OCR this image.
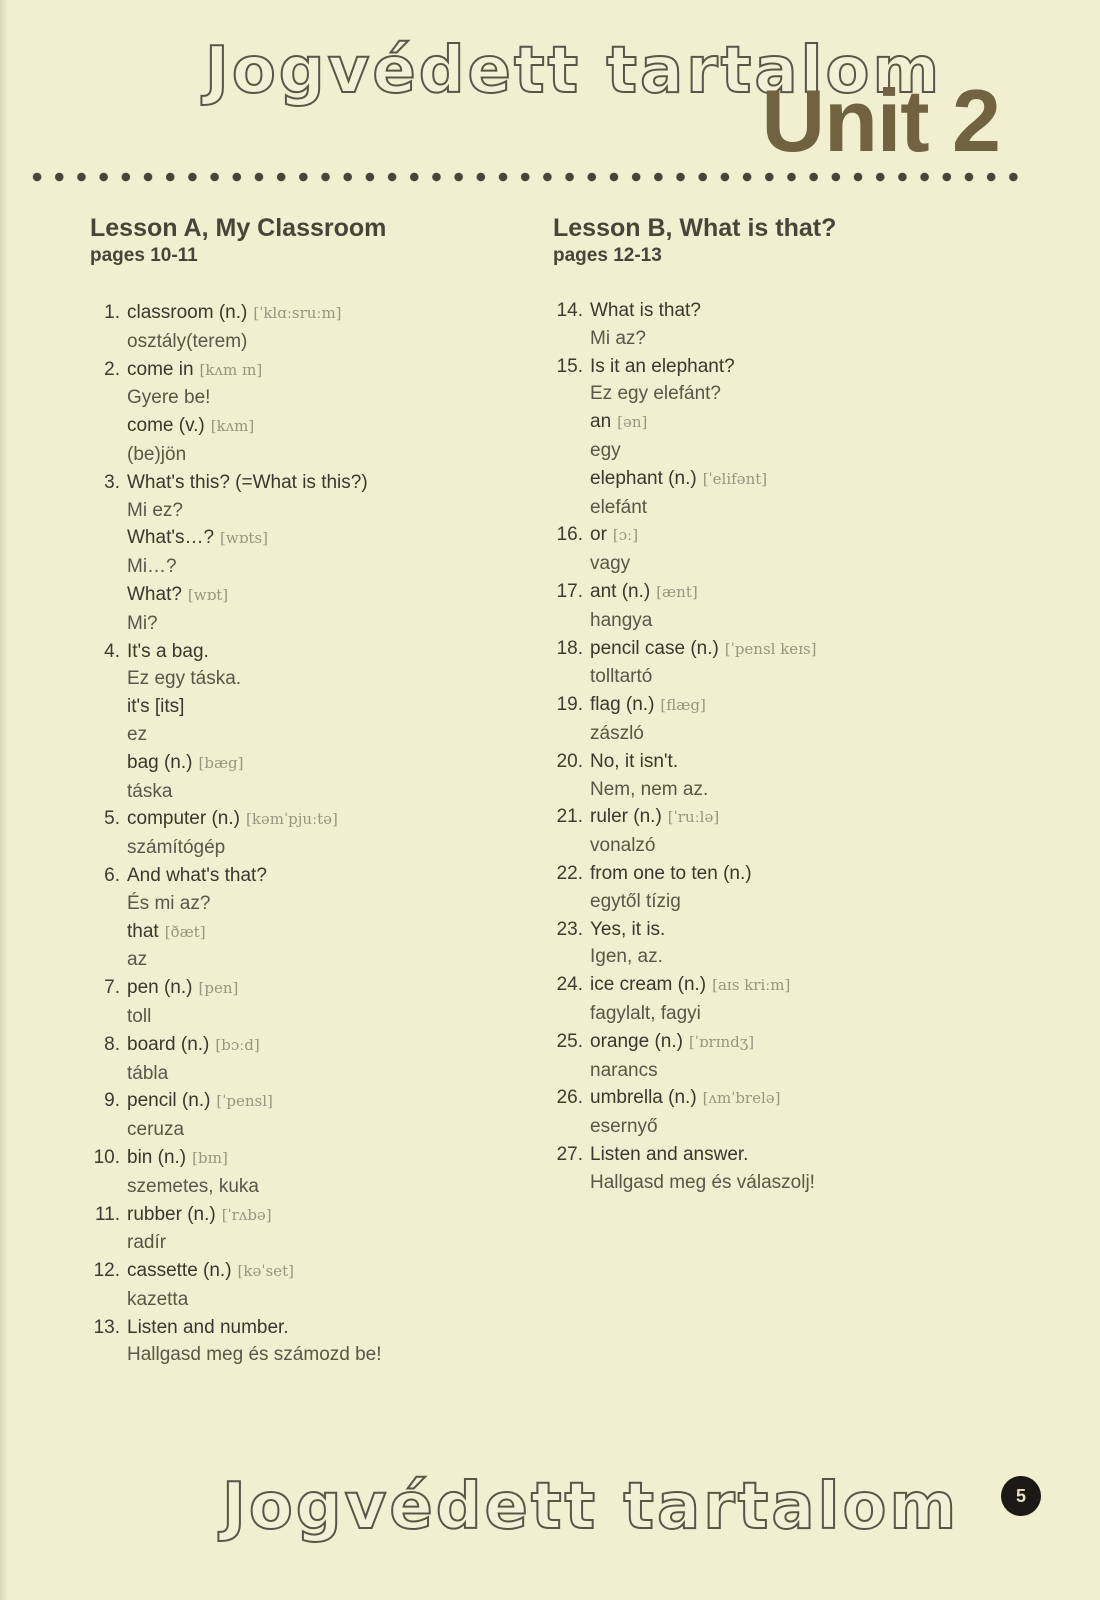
Jogvédett tartalom
Unit 2
Lesson A, My Classroom
pages 10-11
1. classroom (n.) [ˈklɑːsruːm]
osztály(terem)
2. come in [kʌm ɪn]
Gyere be!
come (v.) [kʌm]
(be)jön
3. What's this? (=What is this?)
Mi ez?
What's…? [wɒts]
Mi…?
What? [wɒt]
Mi?
4. It's a bag.
Ez egy táska.
it's [its]
ez
bag (n.) [bæg]
táska
5. computer (n.) [kəmˈpjuːtə]
számítógép
6. And what's that?
És mi az?
that [ðæt]
az
7. pen (n.) [pen]
toll
8. board (n.) [bɔːd]
tábla
9. pencil (n.) [ˈpensl]
ceruza
10. bin (n.) [bɪn]
szemetes, kuka
11. rubber (n.) [ˈrʌbə]
radír
12. cassette (n.) [kəˈset]
kazetta
13. Listen and number.
Hallgasd meg és számozd be!
Lesson B, What is that?
pages 12-13
14. What is that?
Mi az?
15. Is it an elephant?
Ez egy elefánt?
an [ən]
egy
elephant (n.) [ˈelifənt]
elefánt
16. or [ɔː]
vagy
17. ant (n.) [ænt]
hangya
18. pencil case (n.) [ˈpensl keɪs]
tolltartó
19. flag (n.) [flæg]
zászló
20. No, it isn't.
Nem, nem az.
21. ruler (n.) [ˈruːlə]
vonalzó
22. from one to ten (n.)
egytől tízig
23. Yes, it is.
Igen, az.
24. ice cream (n.) [aɪs kriːm]
fagylalt, fagyi
25. orange (n.) [ˈɒrɪndʒ]
narancs
26. umbrella (n.) [ʌmˈbrelə]
esernyő
27. Listen and answer.
Hallgasd meg és válaszolj!
Jogvédett tartalom	5
